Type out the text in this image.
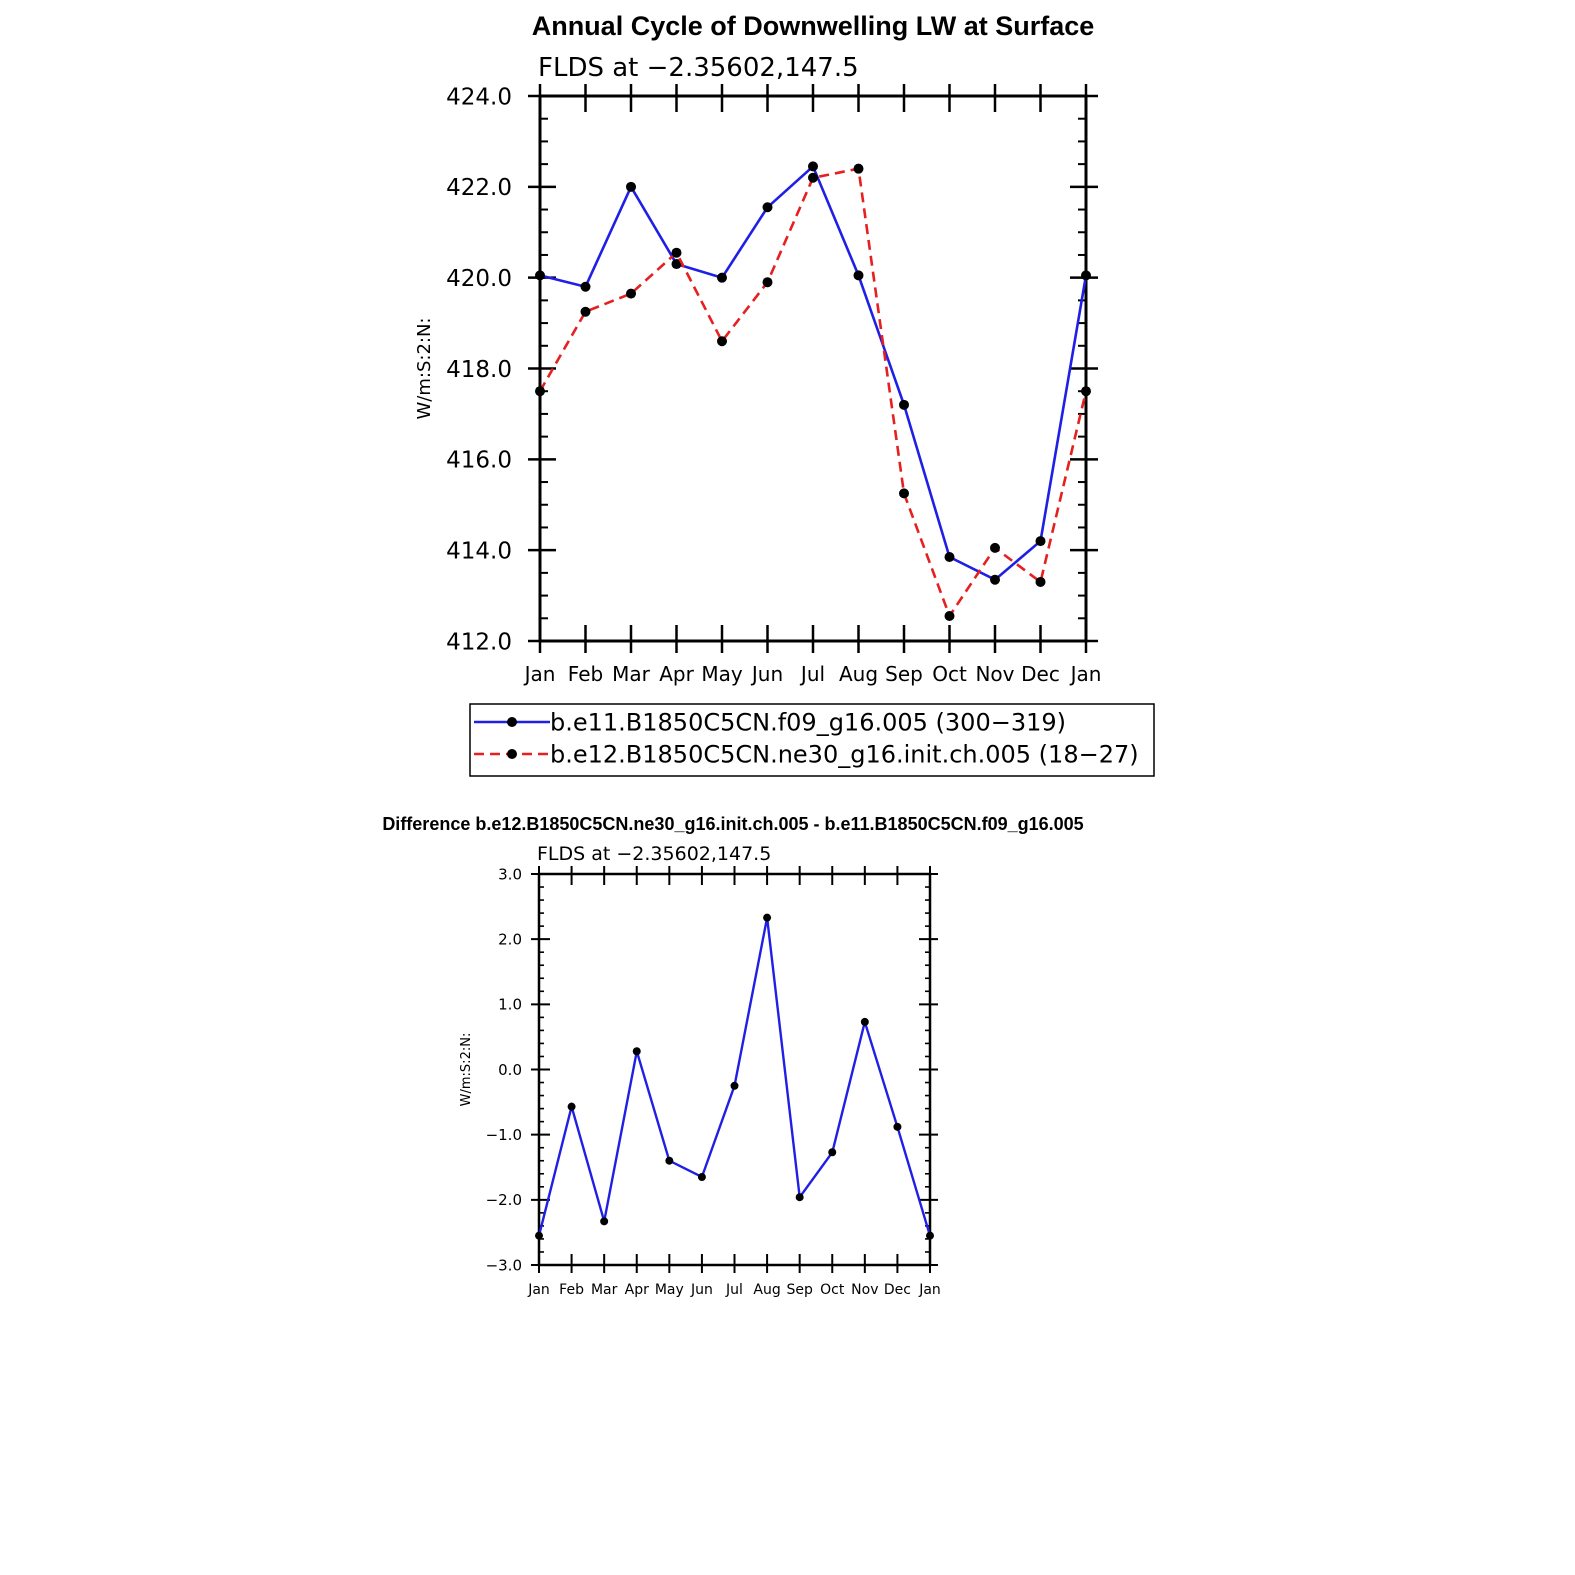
Annual Cycle of Downwelling LW at Surface
FLDS at −2.35602,147.5
412.0
414.0
416.0
418.0
420.0
422.0
424.0
Jan Feb Mar Apr May Jun Jul Aug Sep Oct Nov Dec Jan
W/m:S:2:N:
b.e11.B1850C5CN.f09_g16.005 (300−319)
b.e12.B1850C5CN.ne30_g16.init.ch.005 (18−27)
Difference b.e12.B1850C5CN.ne30_g16.init.ch.005 - b.e11.B1850C5CN.f09_g16.005
FLDS at −2.35602,147.5
−3.0
−2.0
−1.0
0.0
1.0
2.0
3.0
Jan Feb Mar Apr May Jun Jul Aug Sep Oct Nov Dec Jan
W/m:S:2:N:
